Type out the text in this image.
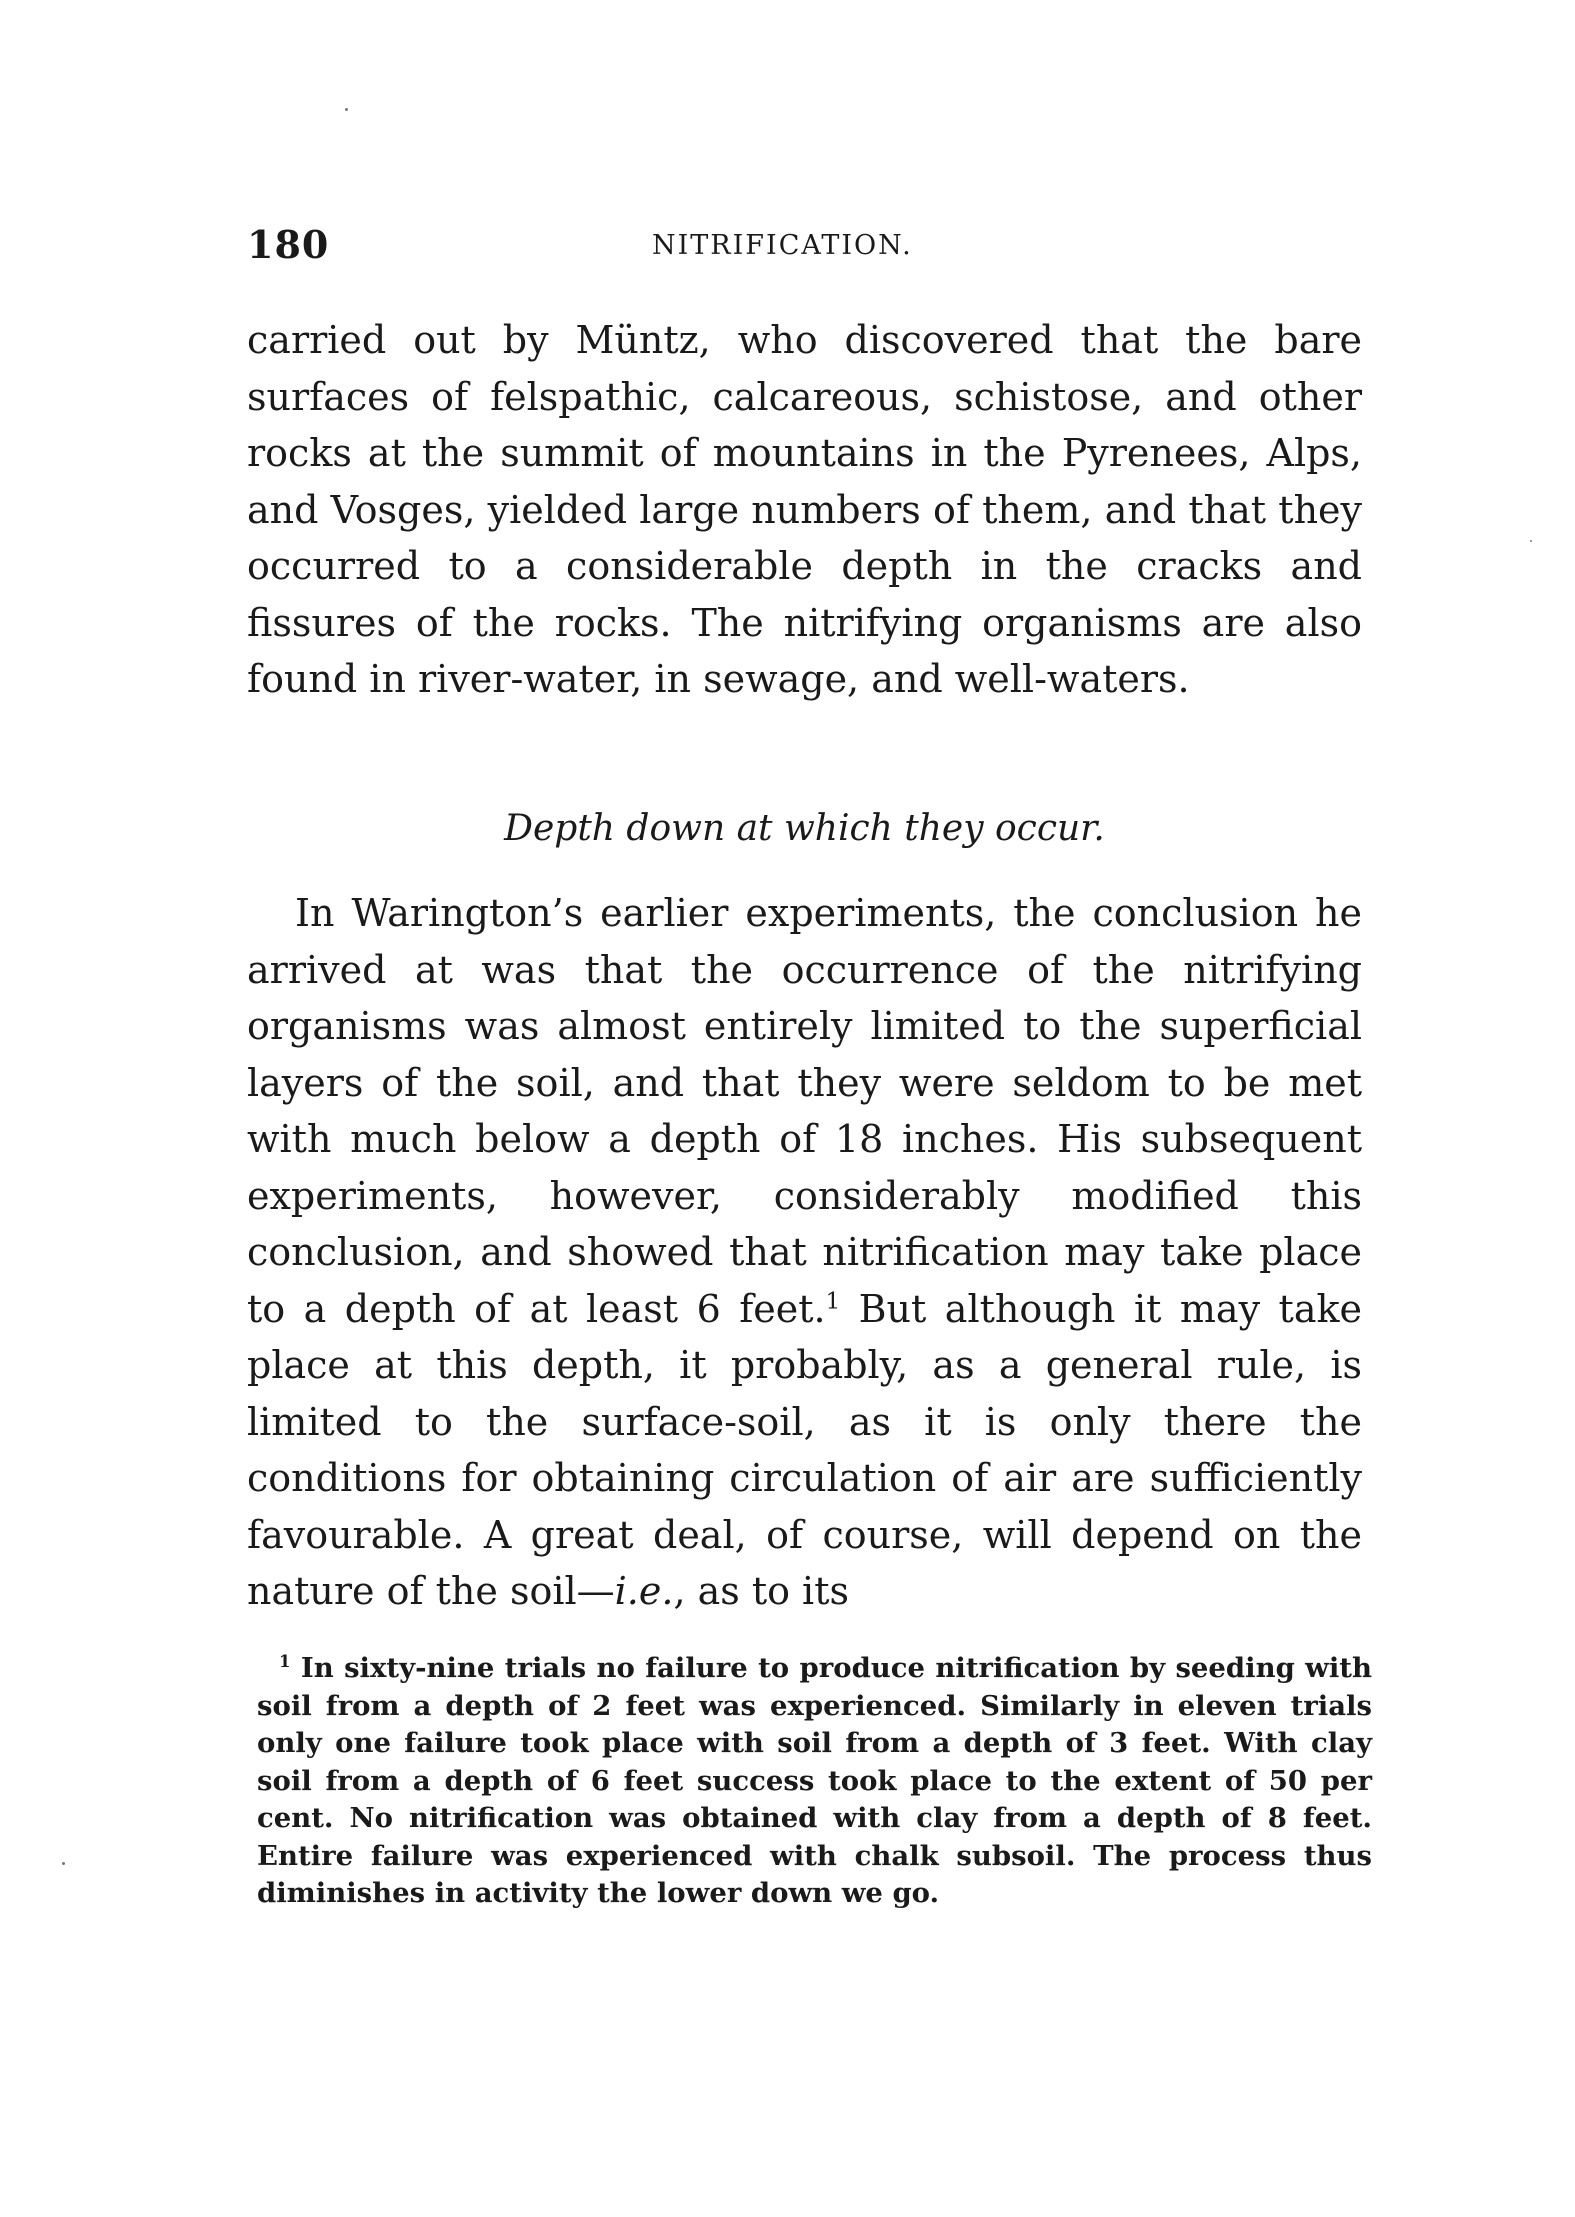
180	NITRIFICATION.

carried out by Müntz, who discovered that the bare surfaces of felspathic, calcareous, schistose, and other rocks at the summit of mountains in the Pyrenees, Alps, and Vosges, yielded large numbers of them, and that they occurred to a considerable depth in the cracks and fissures of the rocks. The nitrifying organisms are also found in river-water, in sewage, and well-waters.

Depth down at which they occur.

In Warington’s earlier experiments, the conclusion he arrived at was that the occurrence of the nitrifying organisms was almost entirely limited to the superficial layers of the soil, and that they were seldom to be met with much below a depth of 18 inches. His subsequent experiments, however, considerably modified this conclusion, and showed that nitrification may take place to a depth of at least 6 feet.$^1$ But although it may take place at this depth, it probably, as a general rule, is limited to the surface-soil, as it is only there the conditions for obtaining circulation of air are sufficiently favourable. A great deal, of course, will depend on the nature of the soil—i.e., as to its

$^1$ In sixty-nine trials no failure to produce nitrification by seeding with soil from a depth of 2 feet was experienced. Similarly in eleven trials only one failure took place with soil from a depth of 3 feet. With clay soil from a depth of 6 feet success took place to the extent of 50 per cent. No nitrification was obtained with clay from a depth of 8 feet. Entire failure was experienced with chalk subsoil. The process thus diminishes in activity the lower down we go.
